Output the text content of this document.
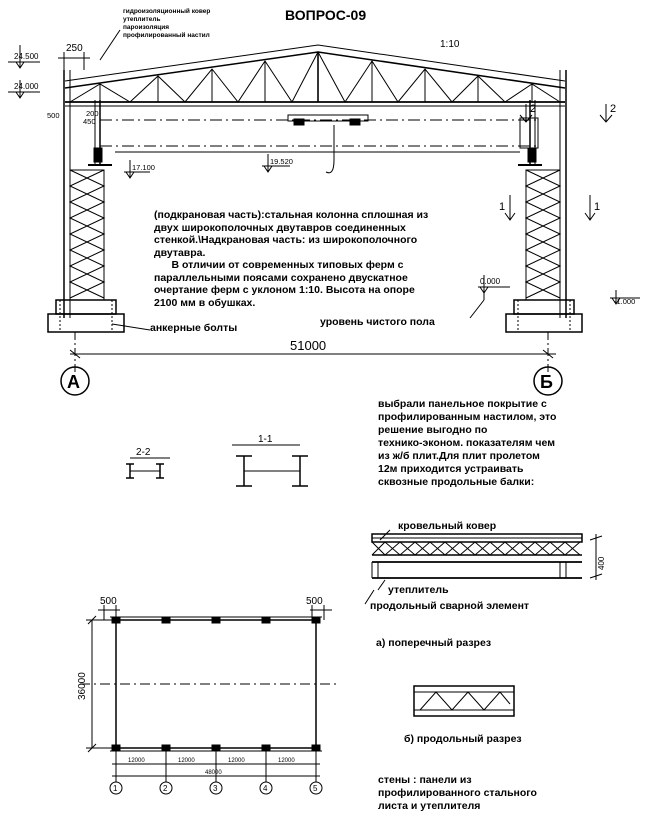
ВОПРОС-09
гидроизоляционный ковер
утеплитель
пароизоляция
профилированный настил
250	1:10
500
450
200
24.500
24.000
17.100
19.520
0.000
-1.000
2	2
1	1
51000
А	Б
2-2
1-1
400
500	500
36000
12000	12000	12000	12000
48000
1	2	3	4	5
(подкрановая часть):стальная колонна сплошная из
двух широкополочных двутавров соединенных
стенкой.\Надкрановая часть: из широкополочного
двутавра.
В отличии от современных типовых ферм с
параллельными поясами сохранено двускатное
очертание ферм с уклоном 1:10. Высота на опоре
2100 мм в обушках.
анкерные болты	уровень чистого пола
выбрали панельное покрытие с
профилированным настилом, это
решение выгодно по
технико-эконом. показателям чем
из ж/б плит.Для плит пролетом
12м приходится устраивать
сквозные продольные балки:
кровельный ковер
утеплитель
продольный сварной элемент
а) поперечный разрез
б) продольный разрез
стены : панели из
профилированного стального
листа и утеплителя
